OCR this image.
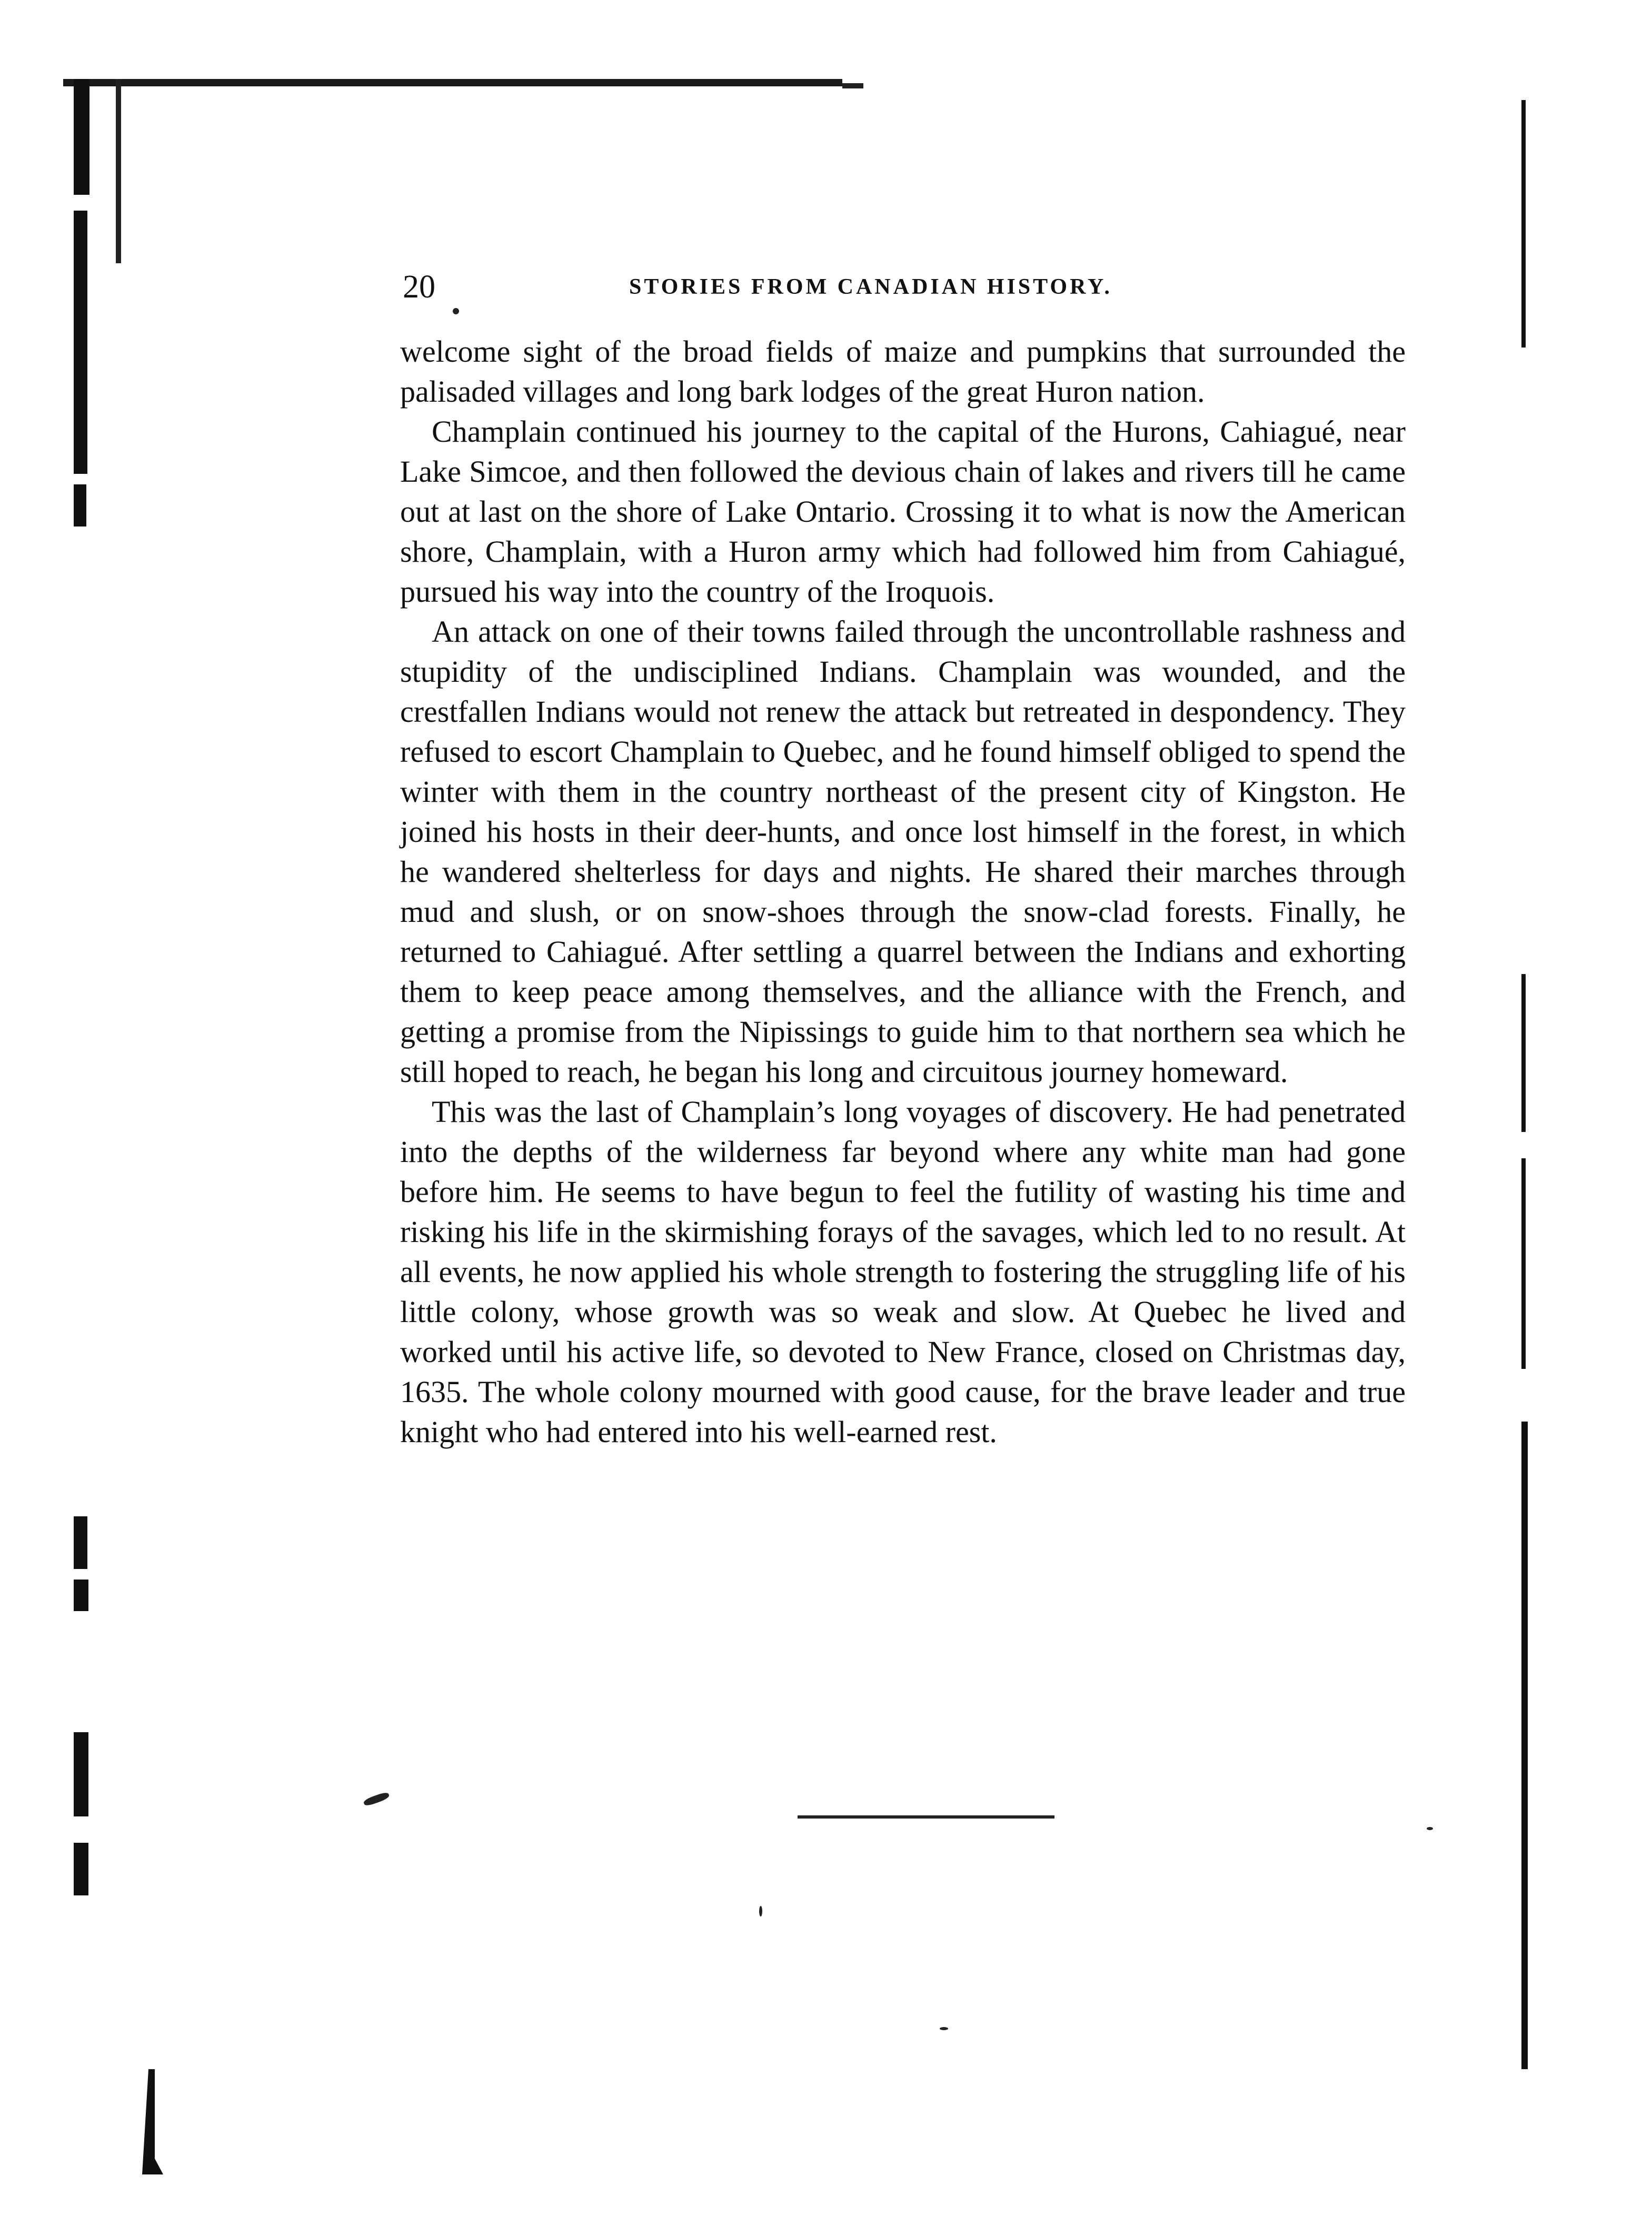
20	STORIES FROM CANADIAN HISTORY.

welcome sight of the broad fields of maize and pumpkins that surrounded the palisaded villages and long bark lodges of the great Huron nation.

Champlain continued his journey to the capital of the Hurons, Cahiagué, near Lake Simcoe, and then followed the devious chain of lakes and rivers till he came out at last on the shore of Lake Ontario. Crossing it to what is now the American shore, Champlain, with a Huron army which had followed him from Cahiagué, pursued his way into the country of the Iroquois.

An attack on one of their towns failed through the uncontrollable rashness and stupidity of the undisciplined Indians. Champlain was wounded, and the crestfallen Indians would not renew the attack but retreated in despondency. They refused to escort Champlain to Quebec, and he found himself obliged to spend the winter with them in the country northeast of the present city of Kingston. He joined his hosts in their deer-hunts, and once lost himself in the forest, in which he wandered shelterless for days and nights. He shared their marches through mud and slush, or on snow-shoes through the snow-clad forests. Finally, he returned to Cahiagué. After settling a quarrel between the Indians and exhorting them to keep peace among themselves, and the alliance with the French, and getting a promise from the Nipissings to guide him to that northern sea which he still hoped to reach, he began his long and circuitous journey homeward.

This was the last of Champlain’s long voyages of discovery. He had penetrated into the depths of the wilderness far beyond where any white man had gone before him. He seems to have begun to feel the futility of wasting his time and risking his life in the skirmishing forays of the savages, which led to no result. At all events, he now applied his whole strength to fostering the struggling life of his little colony, whose growth was so weak and slow. At Quebec he lived and worked until his active life, so devoted to New France, closed on Christmas day, 1635. The whole colony mourned with good cause, for the brave leader and true knight who had entered into his well-earned rest.
